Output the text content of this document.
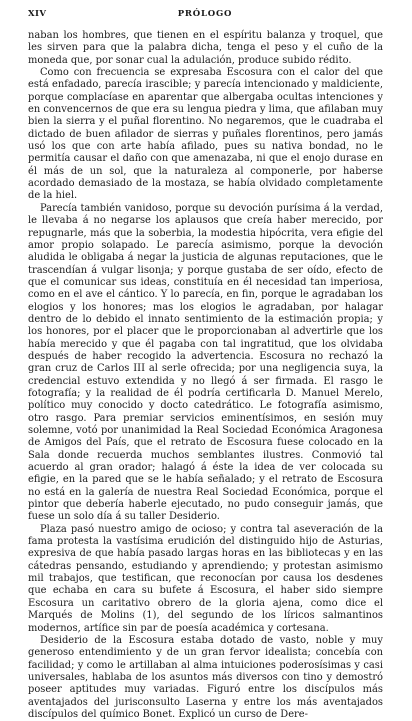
XIV	PRÓLOGO

naban los hombres, que tienen en el espíritu balanza y troquel, que les sirven para que la palabra dicha, tenga el peso y el cuño de la moneda que, por sonar cual la adulación, produce subido rédito.

Como con frecuencia se expresaba Escosura con el calor del que está enfadado, parecía irascible; y parecía intencionado y maldiciente, porque complacíase en aparentar que albergaba ocultas intenciones y en convencernos de que era su lengua piedra y lima, que afilaban muy bien la sierra y el puñal florentino. No negaremos, que le cuadraba el dictado de buen afilador de sierras y puñales florentinos, pero jamás usó los que con arte había afilado, pues su nativa bondad, no le permitía causar el daño con que amenazaba, ni que el enojo durase en él más de un sol, que la naturaleza al componerle, por haberse acordado demasiado de la mostaza, se había olvidado completamente de la hiel.

Parecía también vanidoso, porque su devoción purísima á la verdad, le llevaba á no negarse los aplausos que creía haber merecido, por repugnarle, más que la soberbia, la modestia hipócrita, vera efigie del amor propio solapado. Le parecía asimismo, porque la devoción aludida le obligaba á negar la justicia de algunas reputaciones, que le trascendían á vulgar lisonja; y porque gustaba de ser oído, efecto de que el comunicar sus ideas, constituía en él necesidad tan imperiosa, como en el ave el cántico. Y lo parecía, en fin, porque le agradaban los elogios y los honores; mas los elogios le agradaban, por halagar dentro de lo debido el innato sentimiento de la estimación propia; y los honores, por el placer que le proporcionaban al advertirle que los había merecido y que él pagaba con tal ingratitud, que los olvidaba después de haber recogido la advertencia. Escosura no rechazó la gran cruz de Carlos III al serle ofrecida; por una negligencia suya, la credencial estuvo extendida y no llegó á ser firmada. El rasgo le fotografía; y la realidad de él podría certificarla D. Manuel Merelo, político muy conocido y docto catedrático. Le fotografía asimismo, otro rasgo. Para premiar servicios eminentísimos, en sesión muy solemne, votó por unanimidad la Real Sociedad Económica Aragonesa de Amigos del País, que el retrato de Escosura fuese colocado en la Sala donde recuerda muchos semblantes ilustres. Conmovió tal acuerdo al gran orador; halagó á éste la idea de ver colocada su efigie, en la pared que se le había señalado; y el retrato de Escosura no está en la galería de nuestra Real Sociedad Económica, porque el pintor que debería haberle ejecutado, no pudo conseguir jamás, que fuese un solo día á su taller Desiderio.

Plaza pasó nuestro amigo de ocioso; y contra tal aseveración de la fama protesta la vastísima erudición del distinguido hijo de Asturias, expresiva de que había pasado largas horas en las bibliotecas y en las cátedras pensando, estudiando y aprendiendo; y protestan asimismo mil trabajos, que testifican, que reconocían por causa los desdenes que echaba en cara su bufete á Escosura, el haber sido siempre Escosura un caritativo obrero de la gloria ajena, como dice el Marqués de Molins (1), del segundo de los líricos salmantinos modernos, artífice sin par de poesía académica y cortesana.

Desiderio de la Escosura estaba dotado de vasto, noble y muy generoso entendimiento y de un gran fervor idealista; concebía con facilidad; y como le artillaban al alma intuiciones poderosísimas y casi universales, hablaba de los asuntos más diversos con tino y demostró poseer aptitudes muy variadas. Figuró entre los discípulos más aventajados del jurisconsulto Laserna y entre los más aventajados discípulos del químico Bonet. Explicó un curso de Dere-
